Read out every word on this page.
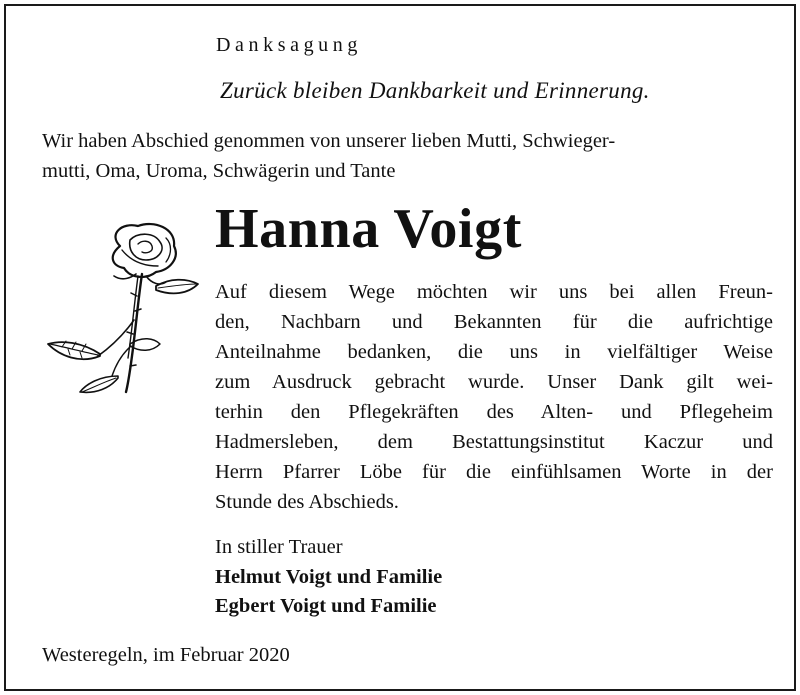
Danksagung
Zurück bleiben Dankbarkeit und Erinnerung.
Wir haben Abschied genommen von unserer lieben Mutti, Schwieger-
mutti, Oma, Uroma, Schwägerin und Tante
Hanna Voigt
Auf diesem Wege möchten wir uns bei allen Freun-
den, Nachbarn und Bekannten für die aufrichtige
Anteilnahme bedanken, die uns in vielfältiger Weise
zum Ausdruck gebracht wurde. Unser Dank gilt wei-
terhin den Pflegekräften des Alten- und Pflegeheim
Hadmersleben, dem Bestattungsinstitut Kaczur und
Herrn Pfarrer Löbe für die einfühlsamen Worte in der
Stunde des Abschieds.
In stiller Trauer
Helmut Voigt und Familie
Egbert Voigt und Familie
Westeregeln, im Februar 2020
